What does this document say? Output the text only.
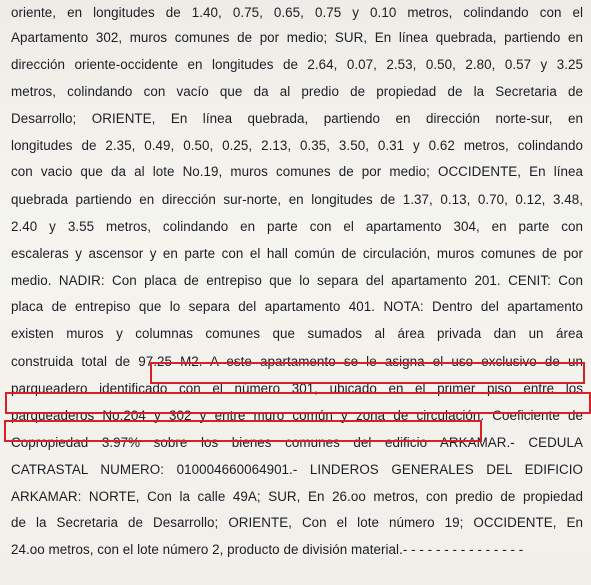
oriente, en longitudes de 1.40, 0.75, 0.65, 0.75 y 0.10 metros, colindando con el
Apartamento 302, muros comunes de por medio; SUR, En línea quebrada, partiendo en
dirección oriente-occidente en longitudes de 2.64, 0.07, 2.53, 0.50, 2.80, 0.57 y 3.25
metros, colindando con vacío que da al predio de propiedad de la Secretaria de
Desarrollo; ORIENTE, En línea quebrada, partiendo en dirección norte-sur, en
longitudes de 2.35, 0.49, 0.50, 0.25, 2.13, 0.35, 3.50, 0.31 y 0.62 metros, colindando
con vacio que da al lote No.19, muros comunes de por medio; OCCIDENTE, En línea
quebrada partiendo en dirección sur-norte, en longitudes de 1.37, 0.13, 0.70, 0.12, 3.48,
2.40 y 3.55 metros, colindando en parte con el apartamento 304, en parte con
escaleras y ascensor y en parte con el hall común de circulación, muros comunes de por
medio. NADIR: Con placa de entrepiso que lo separa del apartamento 201. CENIT: Con
placa de entrepiso que lo separa del apartamento 401. NOTA: Dentro del apartamento
existen muros y columnas comunes que sumados al área privada dan un área
construida total de 97.25 M2. A este apartamento se le asigna el uso exclusivo de un
parqueadero identificado con el número 301, ubicado en el primer piso entre los
parqueaderos No.204 y 302 y entre muro común y zona de circulación. Coeficiente de
Copropiedad 3.97% sobre los bienes comunes del edificio ARKAMAR.- CEDULA
CATRASTAL NUMERO: 010004660064901.- LINDEROS GENERALES DEL EDIFICIO
ARKAMAR: NORTE, Con la calle 49A; SUR, En 26.oo metros, con predio de propiedad
de la Secretaria de Desarrollo; ORIENTE, Con el lote número 19; OCCIDENTE, En
24.oo metros, con el lote número 2, producto de división material.- - - - - - - - - - - - - - -
